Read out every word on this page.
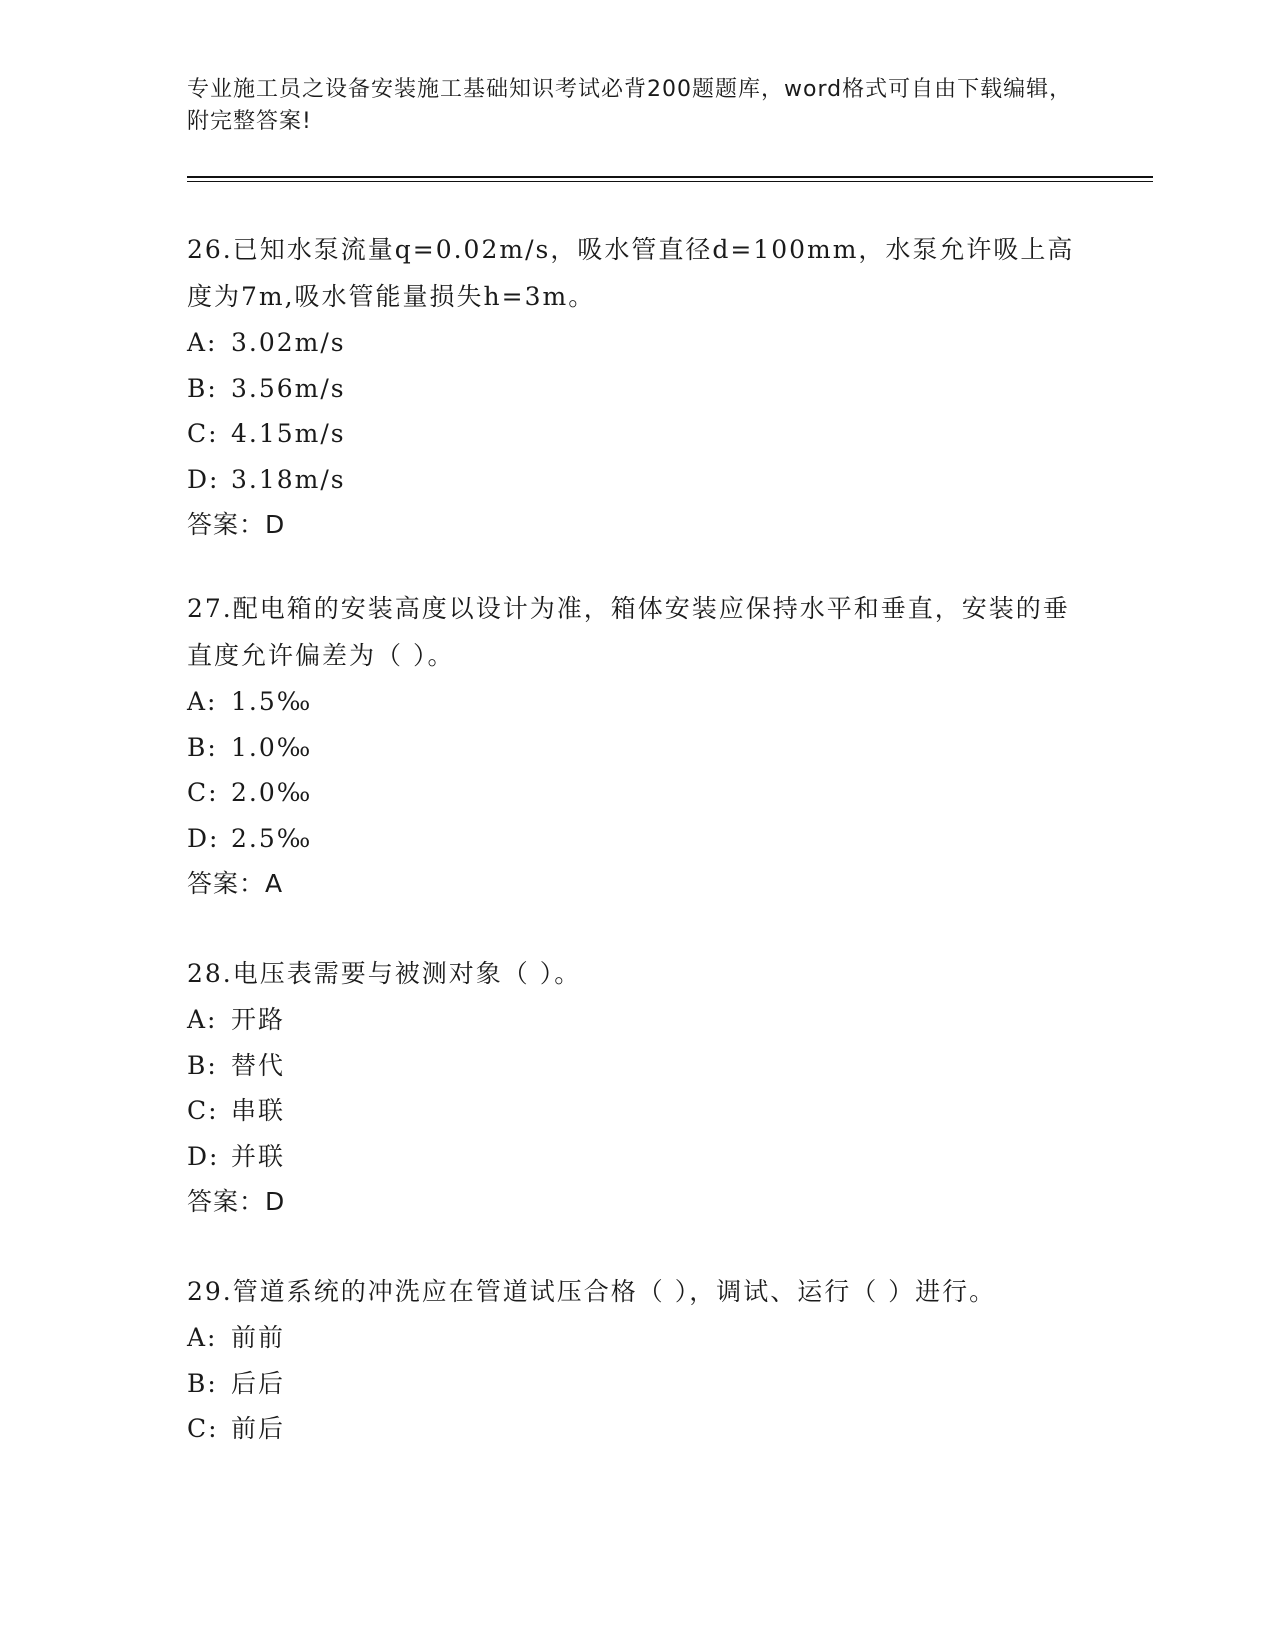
专业施工员之设备安装施工基础知识考试必背200题题库，word格式可自由下载编辑，附完整答案!

26.已知水泵流量q=0.02m/s，吸水管直径d=100mm，水泵允许吸上高度为7m,吸水管能量损失h=3m。

A: 3.02m/s

B: 3.56m/s

C: 4.15m/s

D: 3.18m/s

答案：D

27.配电箱的安装高度以设计为准，箱体安装应保持水平和垂直，安装的垂直度允许偏差为（ ）。

A: 1.5‰

B: 1.0‰

C: 2.0‰

D: 2.5‰

答案：A

28.电压表需要与被测对象（ ）。

A: 开路

B: 替代

C: 串联

D: 并联

答案：D

29.管道系统的冲洗应在管道试压合格（ ），调试、运行（ ）进行。

A: 前前

B: 后后

C: 前后
